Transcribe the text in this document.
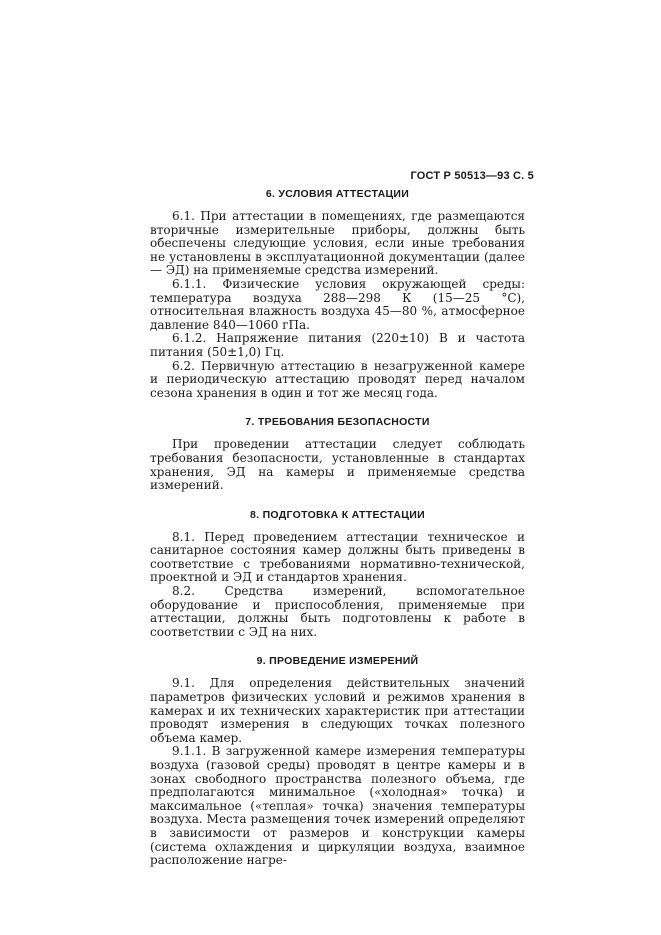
ГОСТ Р 50513—93 С. 5
6. УСЛОВИЯ АТТЕСТАЦИИ

6.1. При аттестации в помещениях, где размещаются вторичные измерительные приборы, должны быть обеспечены следующие условия, если иные требования не установлены в эксплуатационной документации (далее — ЭД) на применяемые средства измерений.

6.1.1. Физические условия окружающей среды: температура воздуха 288—298 К (15—25 °С), относительная влажность воздуха 45—80 %, атмосферное давление 840—1060 гПа.

6.1.2. Напряжение питания (220±10) В и частота питания (50±1,0) Гц.

6.2. Первичную аттестацию в незагруженной камере и периодическую аттестацию проводят перед началом сезона хранения в один и тот же месяц года.

7. ТРЕБОВАНИЯ БЕЗОПАСНОСТИ

При проведении аттестации следует соблюдать требования безопасности, установленные в стандартах хранения, ЭД на камеры и применяемые средства измерений.

8. ПОДГОТОВКА К АТТЕСТАЦИИ

8.1. Перед проведением аттестации техническое и санитарное состояния камер должны быть приведены в соответствие с требованиями нормативно-технической, проектной и ЭД и стандартов хранения.

8.2. Средства измерений, вспомогательное оборудование и приспособления, применяемые при аттестации, должны быть подготовлены к работе в соответствии с ЭД на них.

9. ПРОВЕДЕНИЕ ИЗМЕРЕНИЙ

9.1. Для определения действительных значений параметров физических условий и режимов хранения в камерах и их технических характеристик при аттестации проводят измерения в следующих точках полезного объема камер.

9.1.1. В загруженной камере измерения температуры воздуха (газовой среды) проводят в центре камеры и в зонах свободного пространства полезного объема, где предполагаются минимальное («холодная» точка) и максимальное («теплая» точка) значения температуры воздуха. Места размещения точек измерений определяют в зависимости от размеров и конструкции камеры (система охлаждения и циркуляции воздуха, взаимное расположение нагре-
